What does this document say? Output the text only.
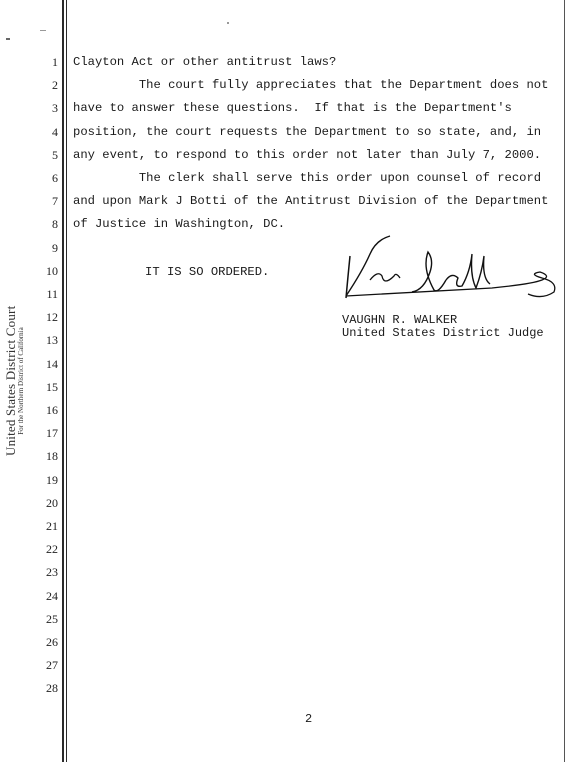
United States District Court For the Northern District of California
1
2
3
4
5
6
7
8
9
10
11
12
13
14
15
16
17
18
19
20
21
22
23
24
25
26
27
28
Clayton Act or other antitrust laws?
The court fully appreciates that the Department does not
have to answer these questions.  If that is the Department's
position, the court requests the Department to so state, and, in
any event, to respond to this order not later than July 7, 2000.
The clerk shall serve this order upon counsel of record
and upon Mark J Botti of the Antitrust Division of the Department
of Justice in Washington, DC.
IT IS SO ORDERED.
VAUGHN R. WALKER
United States District Judge
2
